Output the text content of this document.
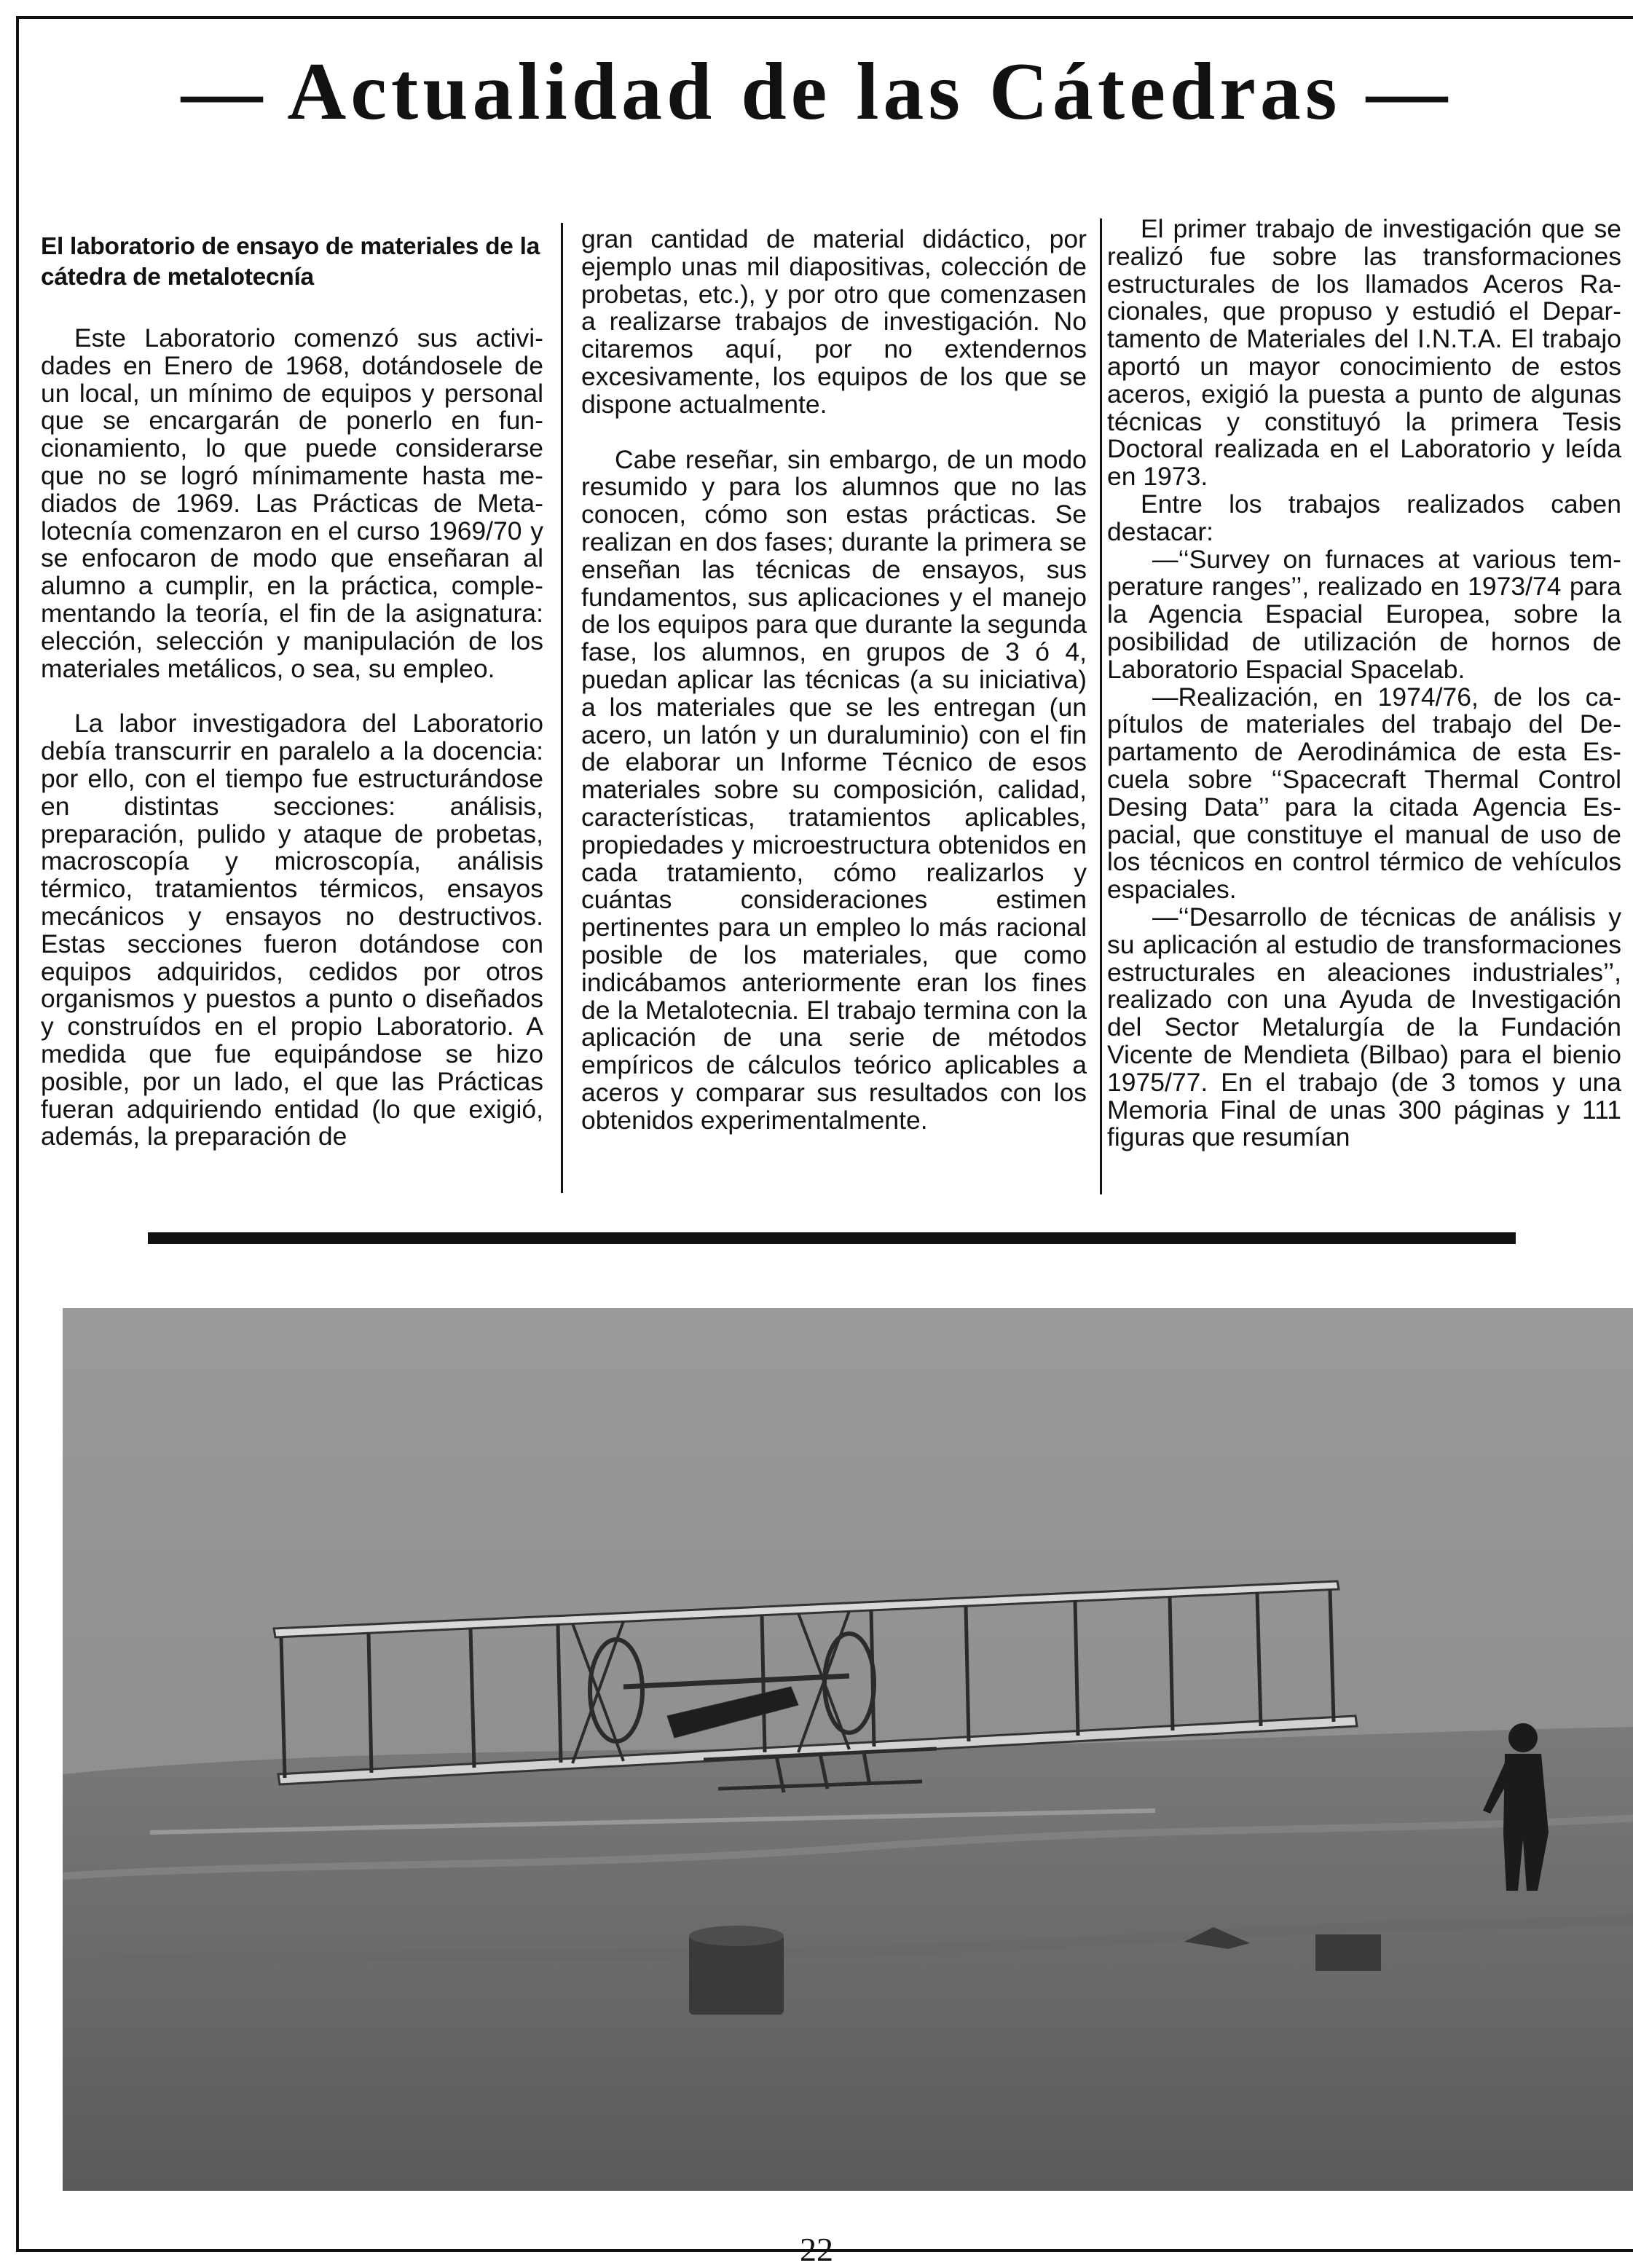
— Actualidad de las Cátedras —
El laboratorio de ensayo de materiales de la cátedra de metalotecnía

Este Laboratorio comenzó sus actividades en Enero de 1968, dotándosele de un local, un mínimo de equipos y personal que se encargarán de ponerlo en funcionamiento, lo que puede considerarse que no se logró mínimamente hasta mediados de 1969. Las Prácticas de Metalotecnía comenzaron en el curso 1969/70 y se enfocaron de modo que enseñaran al alumno a cumplir, en la práctica, complementando la teoría, el fin de la asignatura: elección, selección y manipulación de los materiales metálicos, o sea, su empleo.

La labor investigadora del Laboratorio debía transcurrir en paralelo a la docencia: por ello, con el tiempo fue estructurándose en distintas secciones: análisis, preparación, pulido y ataque de probetas, macroscopía y microscopía, análisis térmico, tratamientos térmicos, ensayos mecánicos y ensayos no destructivos. Estas secciones fueron dotándose con equipos adquiridos, cedidos por otros organismos y puestos a punto o diseñados y construídos en el propio Laboratorio. A medida que fue equipándose se hizo posible, por un lado, el que las Prácticas fueran adquiriendo entidad (lo que exigió, además, la preparación de

gran cantidad de material didáctico, por ejemplo unas mil diapositivas, colección de probetas, etc.), y por otro que comenzasen a realizarse trabajos de investigación. No citaremos aquí, por no extendernos excesivamente, los equipos de los que se dispone actualmente.

Cabe reseñar, sin embargo, de un modo resumido y para los alumnos que no las conocen, cómo son estas prácticas. Se realizan en dos fases; durante la primera se enseñan las técnicas de ensayos, sus fundamentos, sus aplicaciones y el manejo de los equipos para que durante la segunda fase, los alumnos, en grupos de 3 ó 4, puedan aplicar las técnicas (a su iniciativa) a los materiales que se les entregan (un acero, un latón y un duraluminio) con el fin de elaborar un Informe Técnico de esos materiales sobre su composición, calidad, características, tratamientos aplicables, propiedades y microestructura obtenidos en cada tratamiento, cómo realizarlos y cuántas consideraciones estimen pertinentes para un empleo lo más racional posible de los materiales, que como indicábamos anteriormente eran los fines de la Metalotecnia. El trabajo termina con la aplicación de una serie de métodos empíricos de cálculos teórico aplicables a aceros y comparar sus resultados con los obtenidos experimentalmente.

El primer trabajo de investigación que se realizó fue sobre las transformaciones estructurales de los llamados Aceros Racionales, que propuso y estudió el Departamento de Materiales del I.N.T.A. El trabajo aportó un mayor conocimiento de estos aceros, exigió la puesta a punto de algunas técnicas y constituyó la primera Tesis Doctoral realizada en el Laboratorio y leída en 1973.

Entre los trabajos realizados caben destacar:

—‘‘Survey on furnaces at various temperature ranges’’, realizado en 1973/74 para la Agencia Espacial Europea, sobre la posibilidad de utilización de hornos de Laboratorio Espacial Spacelab.

—Realización, en 1974/76, de los capítulos de materiales del trabajo del Departamento de Aerodinámica de esta Escuela sobre ‘‘Spacecraft Thermal Control Desing Data’’ para la citada Agencia Espacial, que constituye el manual de uso de los técnicos en control térmico de vehículos espaciales.

—‘‘Desarrollo de técnicas de análisis y su aplicación al estudio de transformaciones estructurales en aleaciones industriales’’, realizado con una Ayuda de Investigación del Sector Metalurgía de la Fundación Vicente de Mendieta (Bilbao) para el bienio 1975/77. En el trabajo (de 3 tomos y una Memoria Final de unas 300 páginas y 111 figuras que resumían

22
